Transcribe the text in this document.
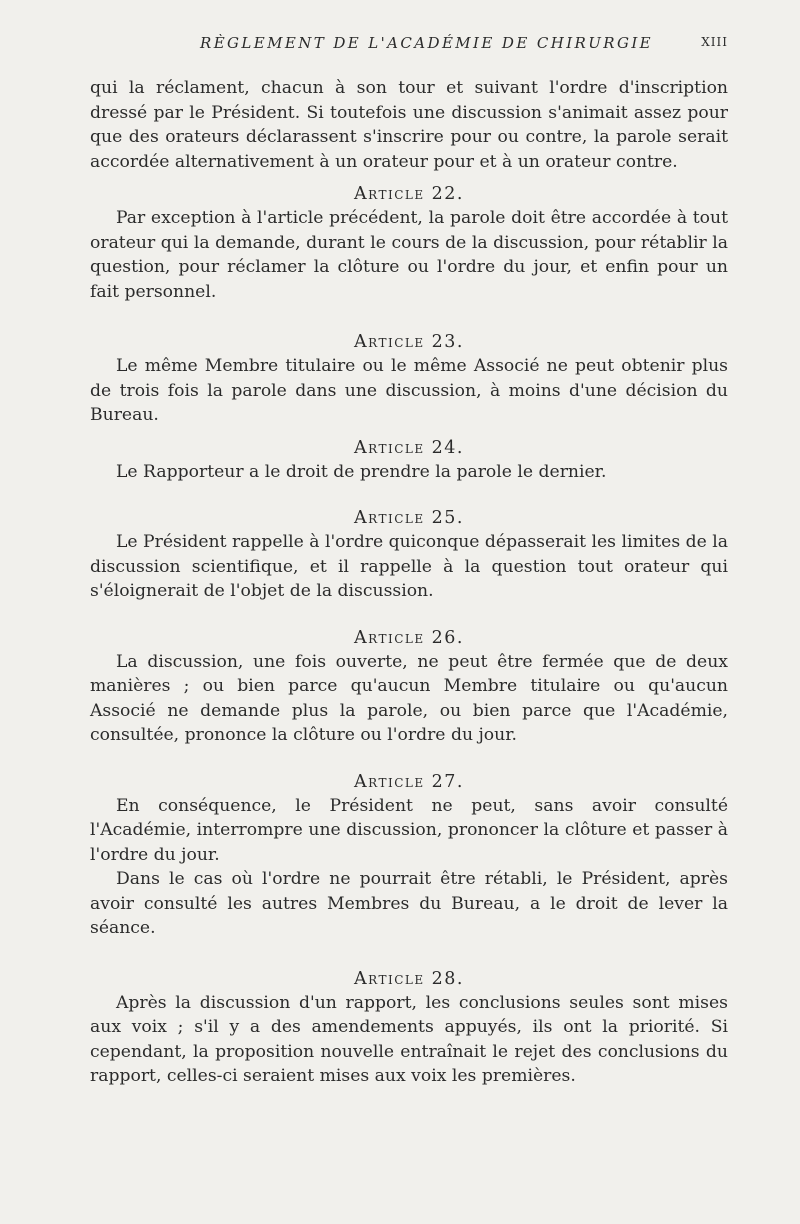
RÈGLEMENT DE L'ACADÉMIE DE CHIRURGIE	XIII

qui la réclament, chacun à son tour et suivant l'ordre d'inscription dressé par le Président. Si toutefois une discussion s'animait assez pour que des orateurs déclarassent s'inscrire pour ou contre, la parole serait accordée alternativement à un orateur pour et à un orateur contre.

Article 22.

Par exception à l'article précédent, la parole doit être accordée à tout orateur qui la demande, durant le cours de la discussion, pour rétablir la question, pour réclamer la clôture ou l'ordre du jour, et enfin pour un fait personnel.

Article 23.

Le même Membre titulaire ou le même Associé ne peut obtenir plus de trois fois la parole dans une discussion, à moins d'une décision du Bureau.

Article 24.

Le Rapporteur a le droit de prendre la parole le dernier.

Article 25.

Le Président rappelle à l'ordre quiconque dépasserait les limites de la discussion scientifique, et il rappelle à la question tout orateur qui s'éloignerait de l'objet de la discussion.

Article 26.

La discussion, une fois ouverte, ne peut être fermée que de deux manières ; ou bien parce qu'aucun Membre titulaire ou qu'aucun Associé ne demande plus la parole, ou bien parce que l'Académie, consultée, prononce la clôture ou l'ordre du jour.

Article 27.

En conséquence, le Président ne peut, sans avoir consulté l'Académie, interrompre une discussion, prononcer la clôture et passer à l'ordre du jour.

Dans le cas où l'ordre ne pourrait être rétabli, le Président, après avoir consulté les autres Membres du Bureau, a le droit de lever la séance.

Article 28.

Après la discussion d'un rapport, les conclusions seules sont mises aux voix ; s'il y a des amendements appuyés, ils ont la priorité. Si cependant, la proposition nouvelle entraînait le rejet des conclusions du rapport, celles-ci seraient mises aux voix les premières.
